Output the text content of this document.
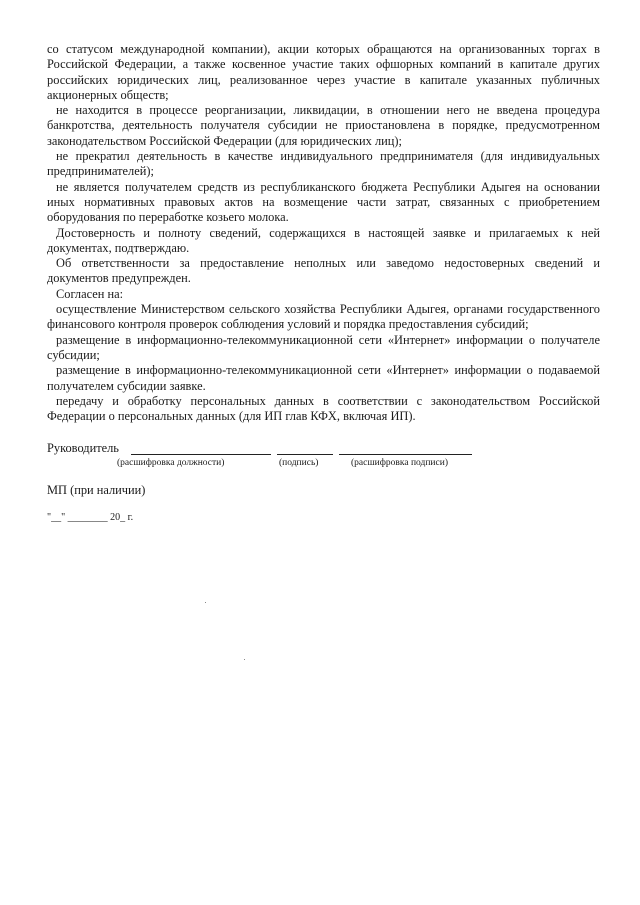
со статусом международной компании), акции которых обращаются на организованных торгах в Российской Федерации, а также косвенное участие таких офшорных компаний в капитале других российских юридических лиц, реализованное через участие в капитале указанных публичных акционерных обществ;

не находится в процессе реорганизации, ликвидации, в отношении него не введена процедура банкротства, деятельность получателя субсидии не приостановлена в порядке, предусмотренном законодательством Российской Федерации (для юридических лиц);

не прекратил деятельность в качестве индивидуального предпринимателя (для индивидуальных предпринимателей);

не является получателем средств из республиканского бюджета Республики Адыгея на основании иных нормативных правовых актов на возмещение части затрат, связанных с приобретением оборудования по переработке козьего молока.

Достоверность и полноту сведений, содержащихся в настоящей заявке и прилагаемых к ней документах, подтверждаю.

Об ответственности за предоставление неполных или заведомо недостоверных сведений и документов предупрежден.

Согласен на:

осуществление Министерством сельского хозяйства Республики Адыгея, органами государственного финансового контроля проверок соблюдения условий и порядка предоставления субсидий;

размещение в информационно-телекоммуникационной сети «Интернет» информации о получателе субсидии;

размещение в информационно-телекоммуникационной сети «Интернет» информации о подаваемой получателем субсидии заявке.

передачу и обработку персональных данных в соответствии с законодательством Российской Федерации о персональных данных (для ИП глав КФХ, включая ИП).

Руководитель
(расшифровка должности)	(подпись)	(расшифровка подписи)
МП (при наличии)
"__" ________ 20_ г.
